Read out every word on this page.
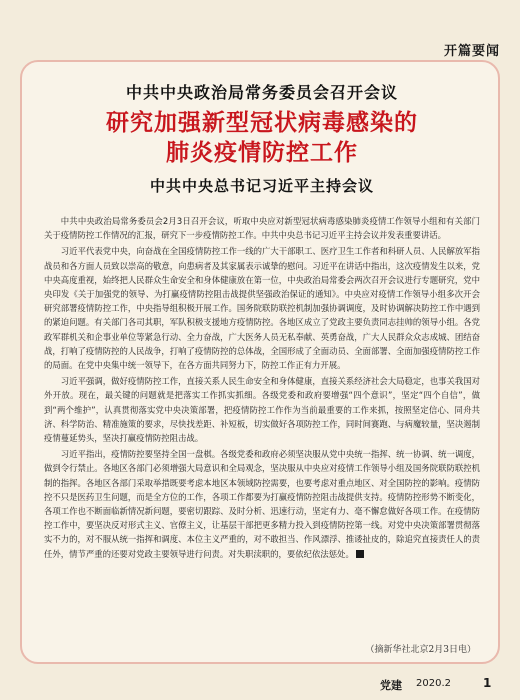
开篇要闻
中共中央政治局常务委员会召开会议
研究加强新型冠状病毒感染的
肺炎疫情防控工作
中共中央总书记习近平主持会议

中共中央政治局常务委员会2月3日召开会议，听取中央应对新型冠状病毒感染肺炎疫情工作领导小组和有关部门关于疫情防控工作情况的汇报，研究下一步疫情防控工作。中共中央总书记习近平主持会议并发表重要讲话。

习近平代表党中央，向奋战在全国疫情防控工作一线的广大干部职工、医疗卫生工作者和科研人员、人民解放军指战员和各方面人员致以崇高的敬意，向患病者及其家属表示诚挚的慰问。习近平在讲话中指出，这次疫情发生以来，党中央高度重视，始终把人民群众生命安全和身体健康放在第一位，中央政治局常委会两次召开会议进行专题研究，党中央印发《关于加强党的领导、为打赢疫情防控阻击战提供坚强政治保证的通知》。中央应对疫情工作领导小组多次开会研究部署疫情防控工作，中央指导组积极开展工作。国务院联防联控机制加强协调调度，及时协调解决防控工作中遇到的紧迫问题。有关部门各司其职，军队积极支援地方疫情防控。各地区成立了党政主要负责同志挂帅的领导小组。各党政军群机关和企事业单位等紧急行动、全力奋战，广大医务人员无私奉献、英勇奋战，广大人民群众众志成城、团结奋战，打响了疫情防控的人民战争，打响了疫情防控的总体战，全国形成了全面动员、全面部署、全面加强疫情防控工作的局面。在党中央集中统一领导下，在各方面共同努力下，防控工作正有力开展。

习近平强调，做好疫情防控工作，直接关系人民生命安全和身体健康，直接关系经济社会大局稳定，也事关我国对外开放。现在，最关键的问题就是把落实工作抓实抓细。各级党委和政府要增强“四个意识”，坚定“四个自信”，做到“两个维护”，认真贯彻落实党中央决策部署，把疫情防控工作作为当前最重要的工作来抓，按照坚定信心、同舟共济、科学防治、精准施策的要求，尽快找差距、补短板，切实做好各项防控工作，同时间赛跑、与病魔较量，坚决遏制疫情蔓延势头，坚决打赢疫情防控阻击战。

习近平指出，疫情防控要坚持全国一盘棋。各级党委和政府必须坚决服从党中央统一指挥、统一协调、统一调度，做到令行禁止。各地区各部门必须增强大局意识和全局观念，坚决服从中央应对疫情工作领导小组及国务院联防联控机制的指挥。各地区各部门采取举措既要考虑本地区本领域防控需要，也要考虑对重点地区、对全国防控的影响。疫情防控不只是医药卫生问题，而是全方位的工作，各项工作都要为打赢疫情防控阻击战提供支持。疫情防控形势不断变化，各项工作也不断面临新情况新问题，要密切跟踪、及时分析、迅速行动，坚定有力、毫不懈怠做好各项工作。在疫情防控工作中，要坚决反对形式主义、官僚主义，让基层干部把更多精力投入到疫情防控第一线。对党中央决策部署贯彻落实不力的，对不服从统一指挥和调度、本位主义严重的，对不敢担当、作风漂浮、推诿扯皮的，除追究直接责任人的责任外，情节严重的还要对党政主要领导进行问责。对失职渎职的，要依纪依法惩处。

（摘新华社北京2月3日电）
党建 2020.2	1
